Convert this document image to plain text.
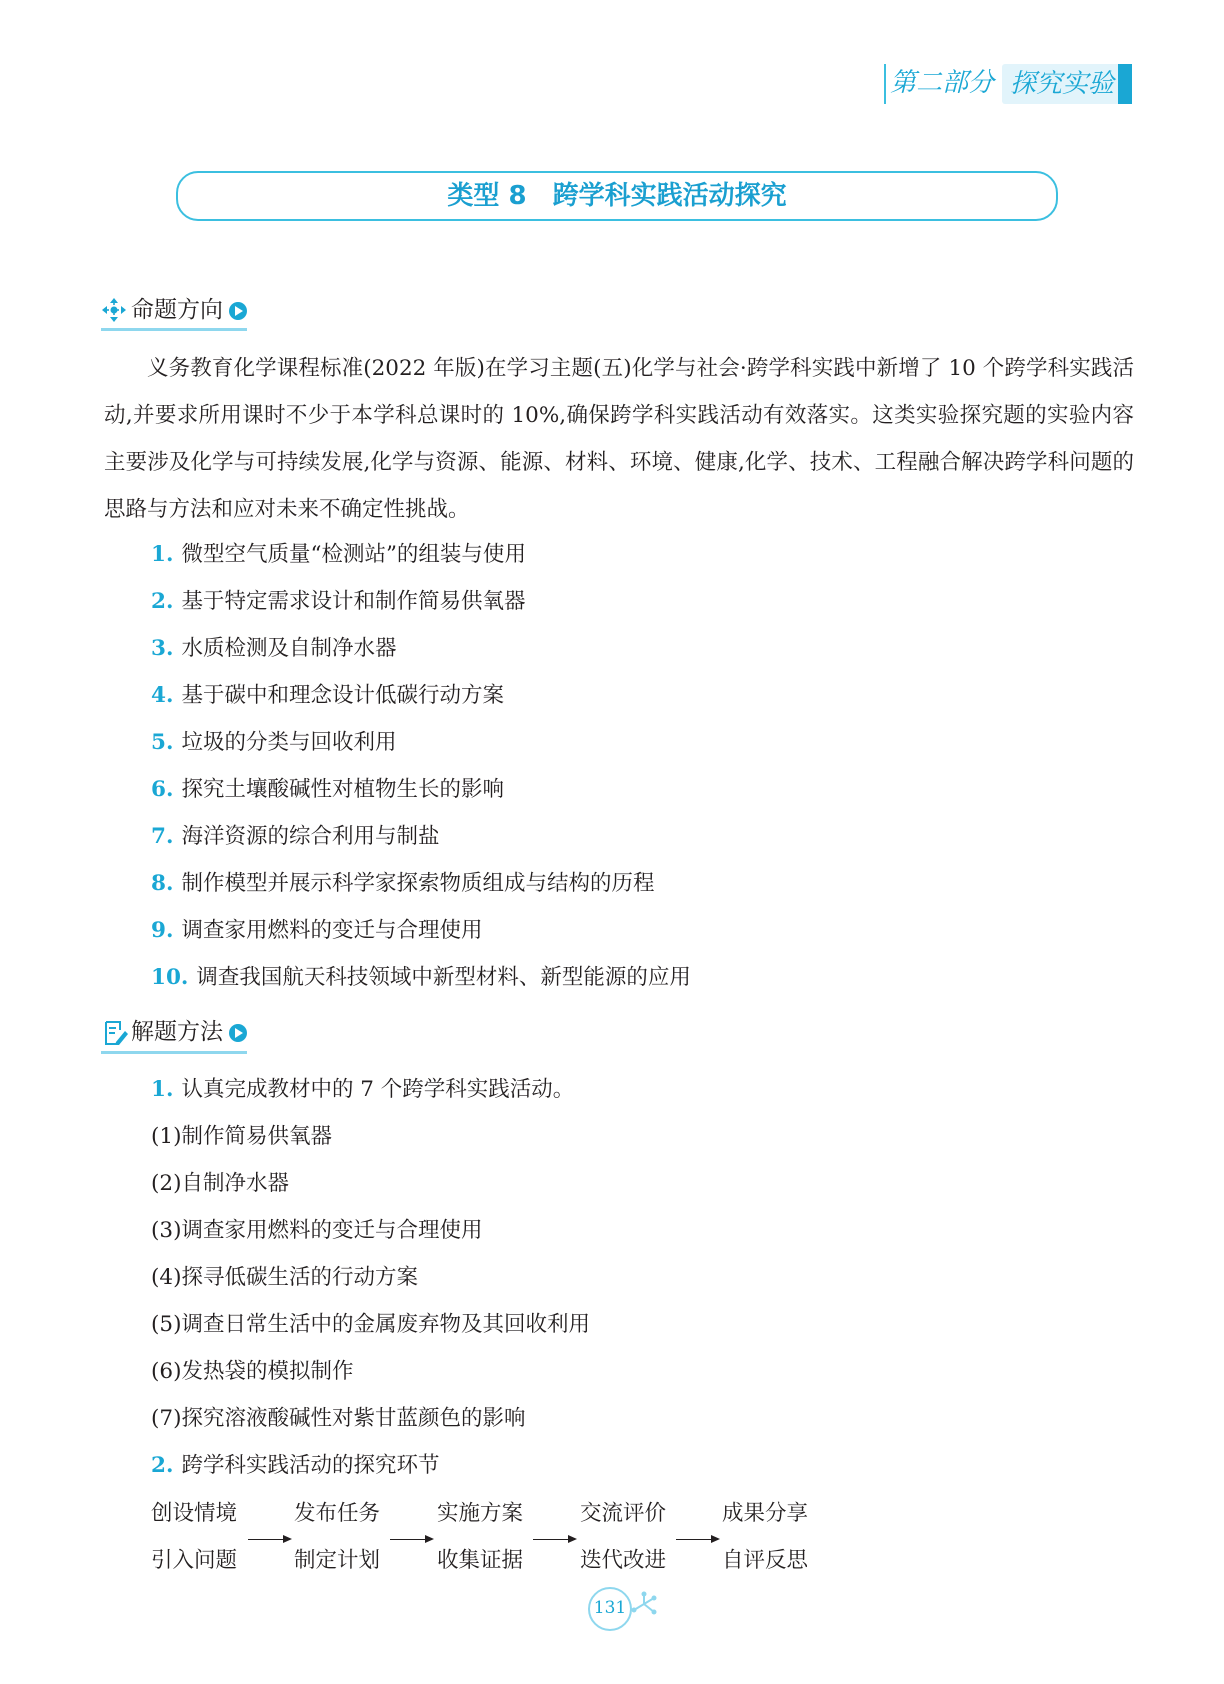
第二部分 探究实验
类型 8　跨学科实践活动探究
命题方向

义务教育化学课程标准(2022 年版)在学习主题(五)化学与社会·跨学科实践中新增了 10 个跨学科实践活动,并要求所用课时不少于本学科总课时的 10%,确保跨学科实践活动有效落实。这类实验探究题的实验内容主要涉及化学与可持续发展,化学与资源、能源、材料、环境、健康,化学、技术、工程融合解决跨学科问题的思路与方法和应对未来不确定性挑战。

1. 微型空气质量“检测站”的组装与使用
2. 基于特定需求设计和制作简易供氧器
3. 水质检测及自制净水器
4. 基于碳中和理念设计低碳行动方案
5. 垃圾的分类与回收利用
6. 探究土壤酸碱性对植物生长的影响
7. 海洋资源的综合利用与制盐
8. 制作模型并展示科学家探索物质组成与结构的历程
9. 调查家用燃料的变迁与合理使用
10. 调查我国航天科技领域中新型材料、新型能源的应用
解题方法
1. 认真完成教材中的 7 个跨学科实践活动。
(1)制作简易供氧器
(2)自制净水器
(3)调查家用燃料的变迁与合理使用
(4)探寻低碳生活的行动方案
(5)调查日常生活中的金属废弃物及其回收利用
(6)发热袋的模拟制作
(7)探究溶液酸碱性对紫甘蓝颜色的影响
2. 跨学科实践活动的探究环节
创设情境
引入问题
发布任务
制定计划
实施方案
收集证据
交流评价
迭代改进
成果分享
自评反思
131
